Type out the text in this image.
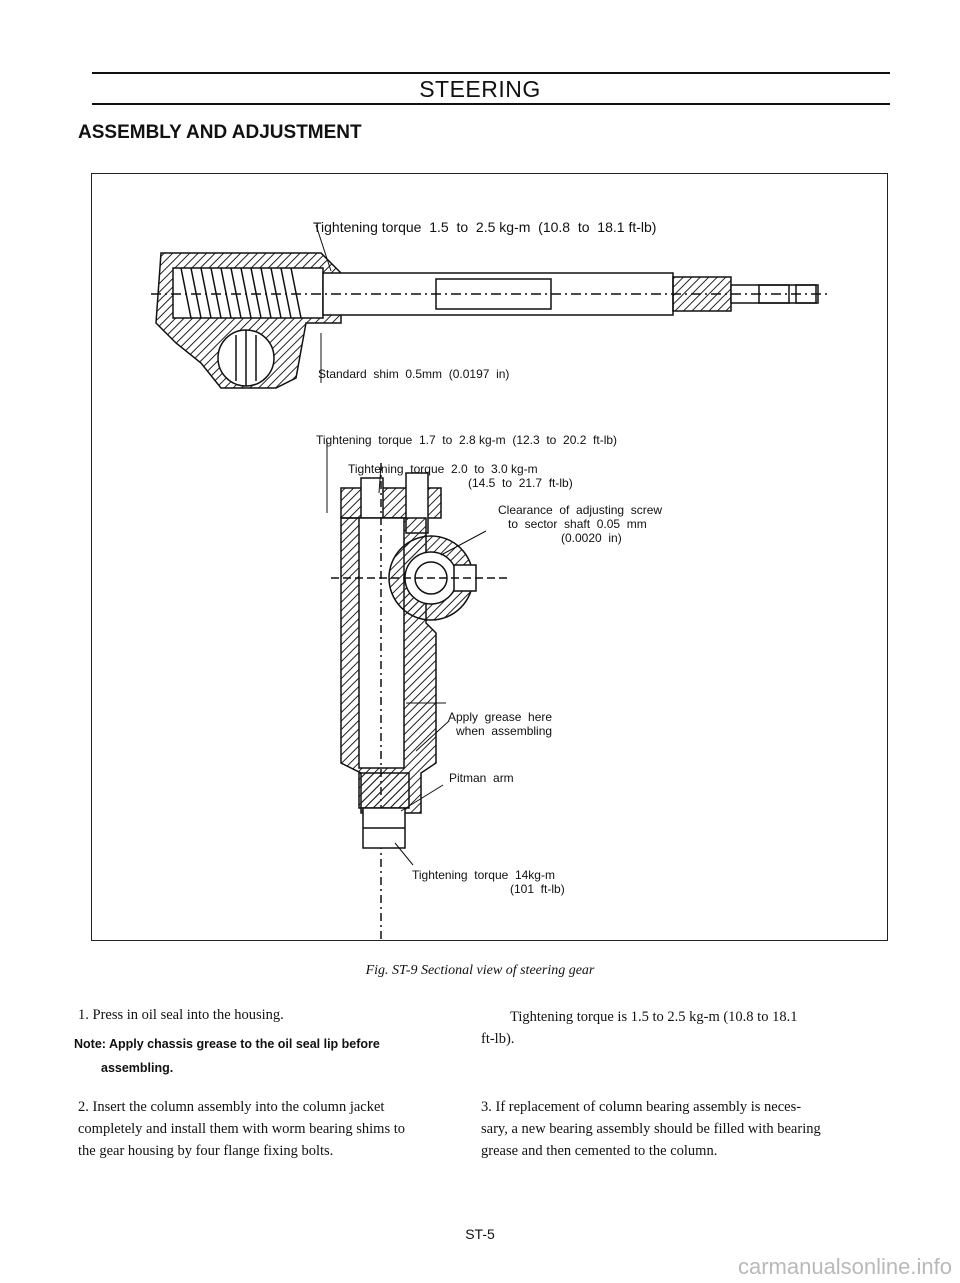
STEERING
ASSEMBLY AND ADJUSTMENT
Tightening torque  1.5  to  2.5 kg-m  (10.8  to  18.1 ft-lb)
Standard  shim  0.5mm  (0.0197  in)
Tightening  torque  1.7  to  2.8 kg-m  (12.3  to  20.2  ft-lb)
Tightening  torque  2.0  to  3.0 kg-m
(14.5  to  21.7  ft-lb)
Clearance  of  adjusting  screw
to  sector  shaft  0.05  mm
(0.0020  in)
Apply  grease  here
when  assembling
Pitman  arm
Tightening  torque  14kg-m
(101  ft-lb)
Fig. ST-9 Sectional view of steering gear
1. Press in oil seal into the housing.
Note: Apply chassis grease to the oil seal lip before
assembling.
2. Insert the column assembly into the column jacket
completely and install them with worm bearing shims to
the gear housing by four flange fixing bolts.
Tightening torque is 1.5 to 2.5 kg-m (10.8 to 18.1
ft-lb).
3. If replacement of column bearing assembly is neces-
sary, a new bearing assembly should be filled with bearing
grease and then cemented to the column.
ST-5
carmanualsonline.info
